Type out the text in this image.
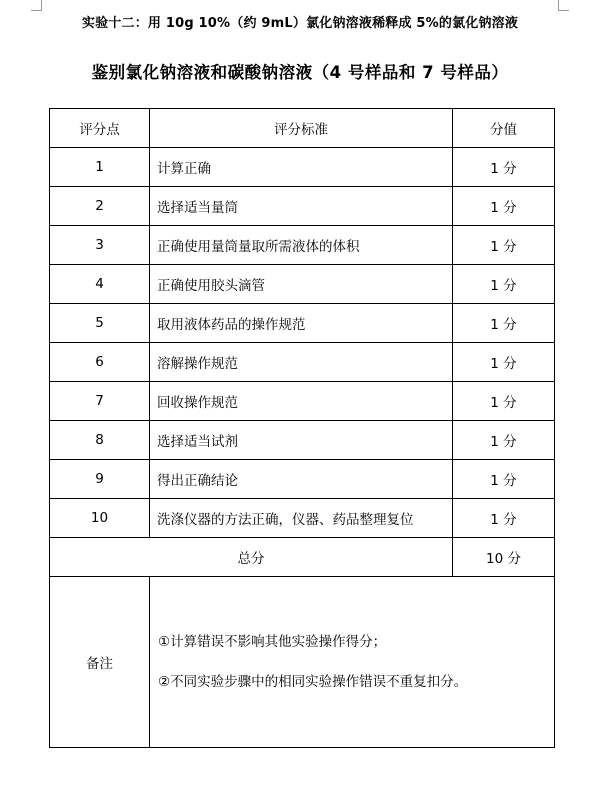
实验十二：用 10g 10%（约 9mL）氯化钠溶液稀释成 5%的氯化钠溶液
鉴别氯化钠溶液和碳酸钠溶液（4 号样品和 7 号样品）
评分点	评分标准	分值
1	计算正确	1 分
2	选择适当量筒	1 分
3	正确使用量筒量取所需液体的体积	1 分
4	正确使用胶头滴管	1 分
5	取用液体药品的操作规范	1 分
6	溶解操作规范	1 分
7	回收操作规范	1 分
8	选择适当试剂	1 分
9	得出正确结论	1 分
10	洗涤仪器的方法正确，仪器、药品整理复位	1 分
总分		10 分
备注	①计算错误不影响其他实验操作得分；
②不同实验步骤中的相同实验操作错误不重复扣分。	
